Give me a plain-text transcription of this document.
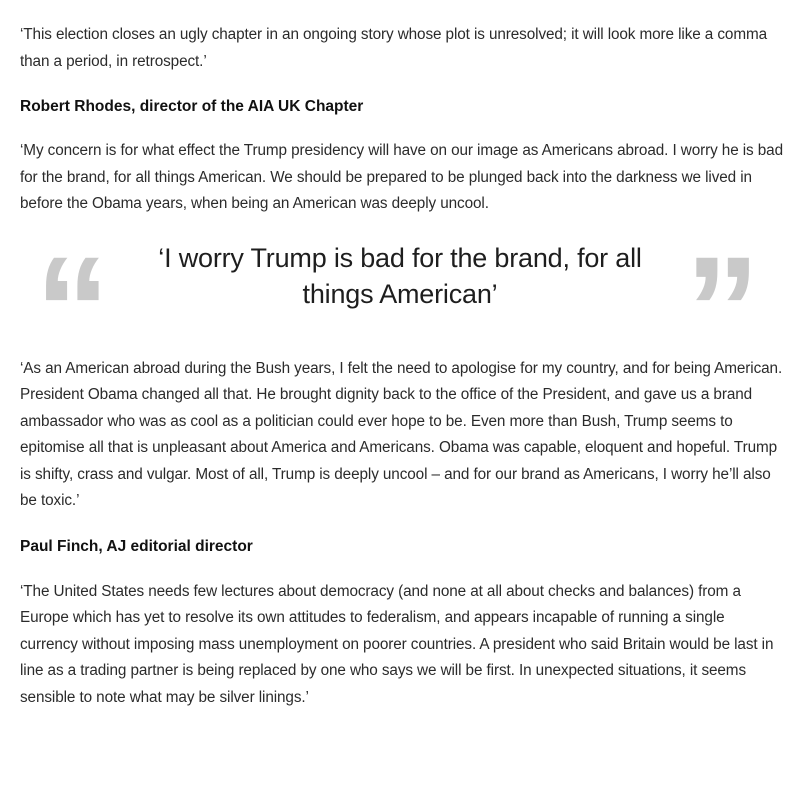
‘This election closes an ugly chapter in an ongoing story whose plot is unresolved; it will look more like a comma than a period, in retrospect.’

Robert Rhodes, director of the AIA UK Chapter

‘My concern is for what effect the Trump presidency will have on our image as Americans abroad. I worry he is bad for the brand, for all things American. We should be prepared to be plunged back into the darkness we lived in before the Obama years, when being an American was deeply uncool.

“	‘I worry Trump is bad for the brand, for all things American’	”

‘As an American abroad during the Bush years, I felt the need to apologise for my country, and for being American. President Obama changed all that. He brought dignity back to the office of the President, and gave us a brand ambassador who was as cool as a politician could ever hope to be. Even more than Bush, Trump seems to epitomise all that is unpleasant about America and Americans. Obama was capable, eloquent and hopeful. Trump is shifty, crass and vulgar. Most of all, Trump is deeply uncool – and for our brand as Americans, I worry he’ll also be toxic.’

Paul Finch, AJ editorial director

‘The United States needs few lectures about democracy (and none at all about checks and balances) from a Europe which has yet to resolve its own attitudes to federalism, and appears incapable of running a single currency without imposing mass unemployment on poorer countries. A president who said Britain would be last in line as a trading partner is being replaced by one who says we will be first. In unexpected situations, it seems sensible to note what may be silver linings.’
